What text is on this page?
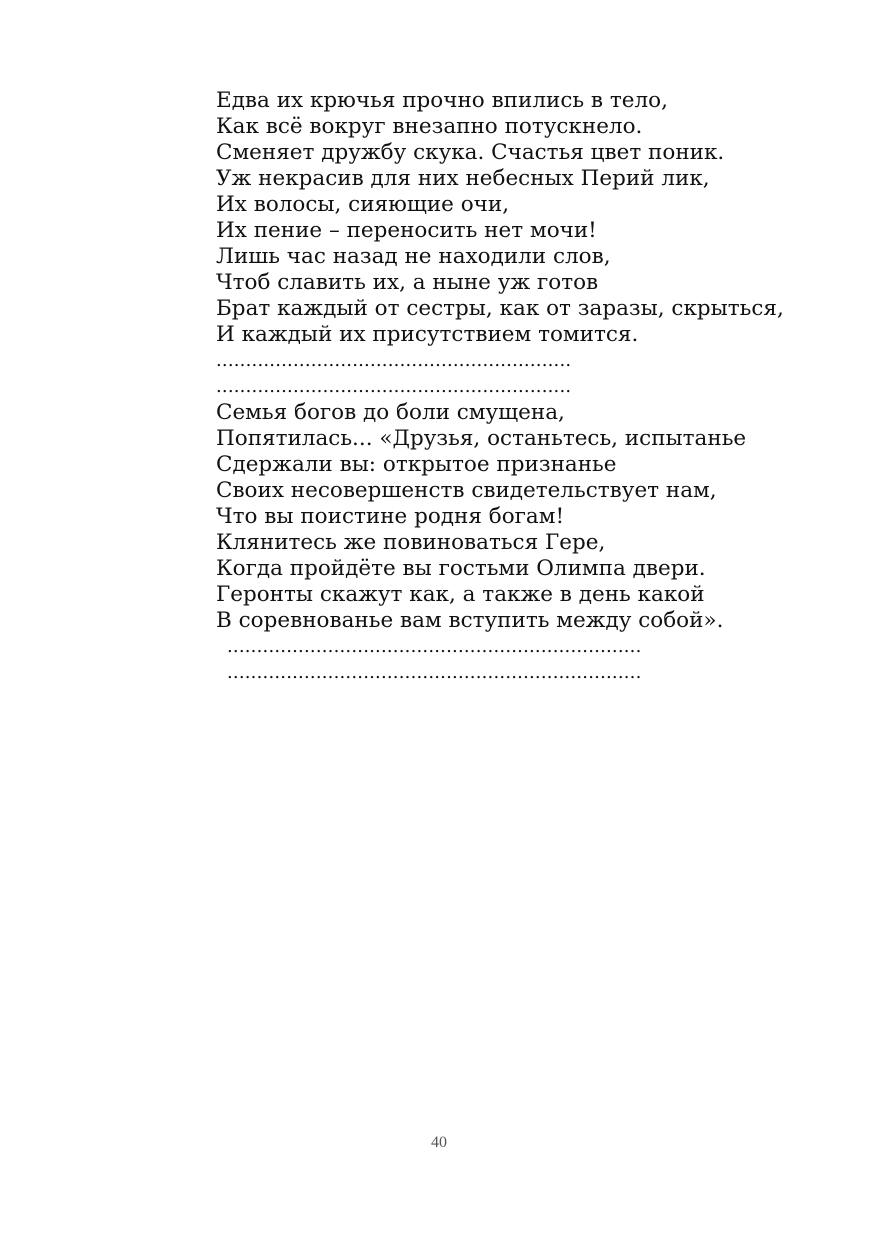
Едва их крючья прочно впились в тело,
Как всё вокруг внезапно потускнело.
Сменяет дружбу скука. Счастья цвет поник.
Уж некрасив для них небесных Перий лик,
Их волосы, сияющие очи,
Их пение – переносить нет мочи!
Лишь час назад не находили слов,
Чтоб славить их, а ныне уж готов
Брат каждый от сестры, как от заразы, скрыться,
И каждый их присутствием томится.
............................................................
............................................................
Семья богов до боли смущена,
Попятилась... «Друзья, останьтесь, испытанье
Сдержали вы: открытое признанье
Своих несовершенств свидетельствует нам,
Что вы поистине родня богам!
Клянитесь же повиноваться Гере,
Когда пройдёте вы гостьми Олимпа двери.
Геронты скажут как, а также в день какой
В соревнованье вам вступить между собой».
......................................................................
......................................................................
40
